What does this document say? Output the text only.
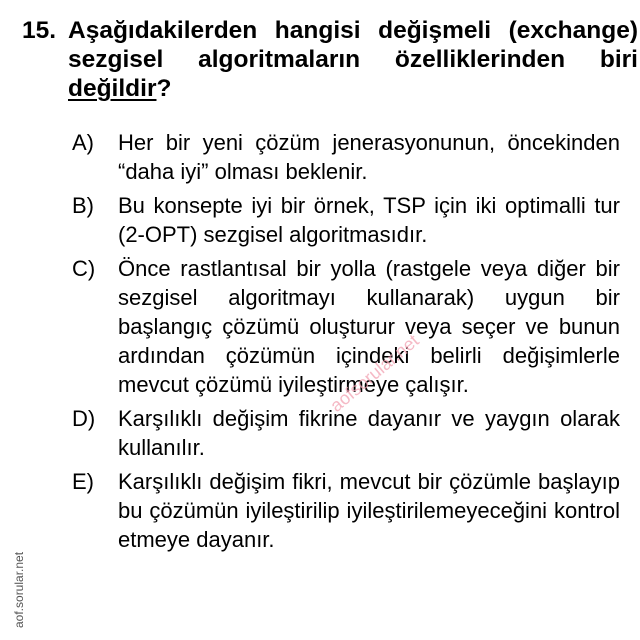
15. Aşağıdakilerden hangisi değişmeli (exchange) sezgisel algoritmaların özelliklerinden biri değildir?
A) Her bir yeni çözüm jenerasyonunun, öncekinden “daha iyi” olması beklenir.
B) Bu konsepte iyi bir örnek, TSP için iki optimalli tur (2-OPT) sezgisel algoritmasıdır.
C) Önce rastlantısal bir yolla (rastgele veya diğer bir sezgisel algoritmayı kullanarak) uygun bir başlangıç çözümü oluşturur veya seçer ve bunun ardından çözümün içindeki belirli değişimlerle mevcut çözümü iyileştirmeye çalışır.
D) Karşılıklı değişim fikrine dayanır ve yaygın olarak kullanılır.
E) Karşılıklı değişim fikri, mevcut bir çözümle başlayıp bu çözümün iyileştirilip iyileştirilemeyeceğini kontrol etmeye dayanır.
aofsorular.net
aof.sorular.net
